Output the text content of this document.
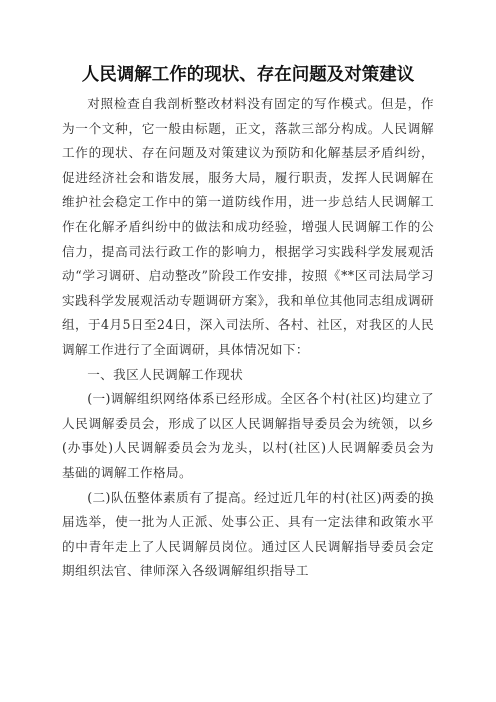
人民调解工作的现状、存在问题及对策建议

对照检查自我剖析整改材料没有固定的写作模式。但是，作为一个文种，它一般由标题，正文，落款三部分构成。人民调解工作的现状、存在问题及对策建议为预防和化解基层矛盾纠纷，促进经济社会和谐发展，服务大局，履行职责，发挥人民调解在维护社会稳定工作中的第一道防线作用，进一步总结人民调解工作在化解矛盾纠纷中的做法和成功经验，增强人民调解工作的公信力，提高司法行政工作的影响力，根据学习实践科学发展观活动“学习调研、启动整改”阶段工作安排，按照《**区司法局学习实践科学发展观活动专题调研方案》，我和单位其他同志组成调研组，于4月5日至24日，深入司法所、各村、社区，对我区的人民调解工作进行了全面调研，具体情况如下：

一、我区人民调解工作现状

(一)调解组织网络体系已经形成。全区各个村(社区)均建立了人民调解委员会，形成了以区人民调解指导委员会为统领，以乡(办事处)人民调解委员会为龙头，以村(社区)人民调解委员会为基础的调解工作格局。

(二)队伍整体素质有了提高。经过近几年的村(社区)两委的换届选举，使一批为人正派、处事公正、具有一定法律和政策水平的中青年走上了人民调解员岗位。通过区人民调解指导委员会定期组织法官、律师深入各级调解组织指导工
